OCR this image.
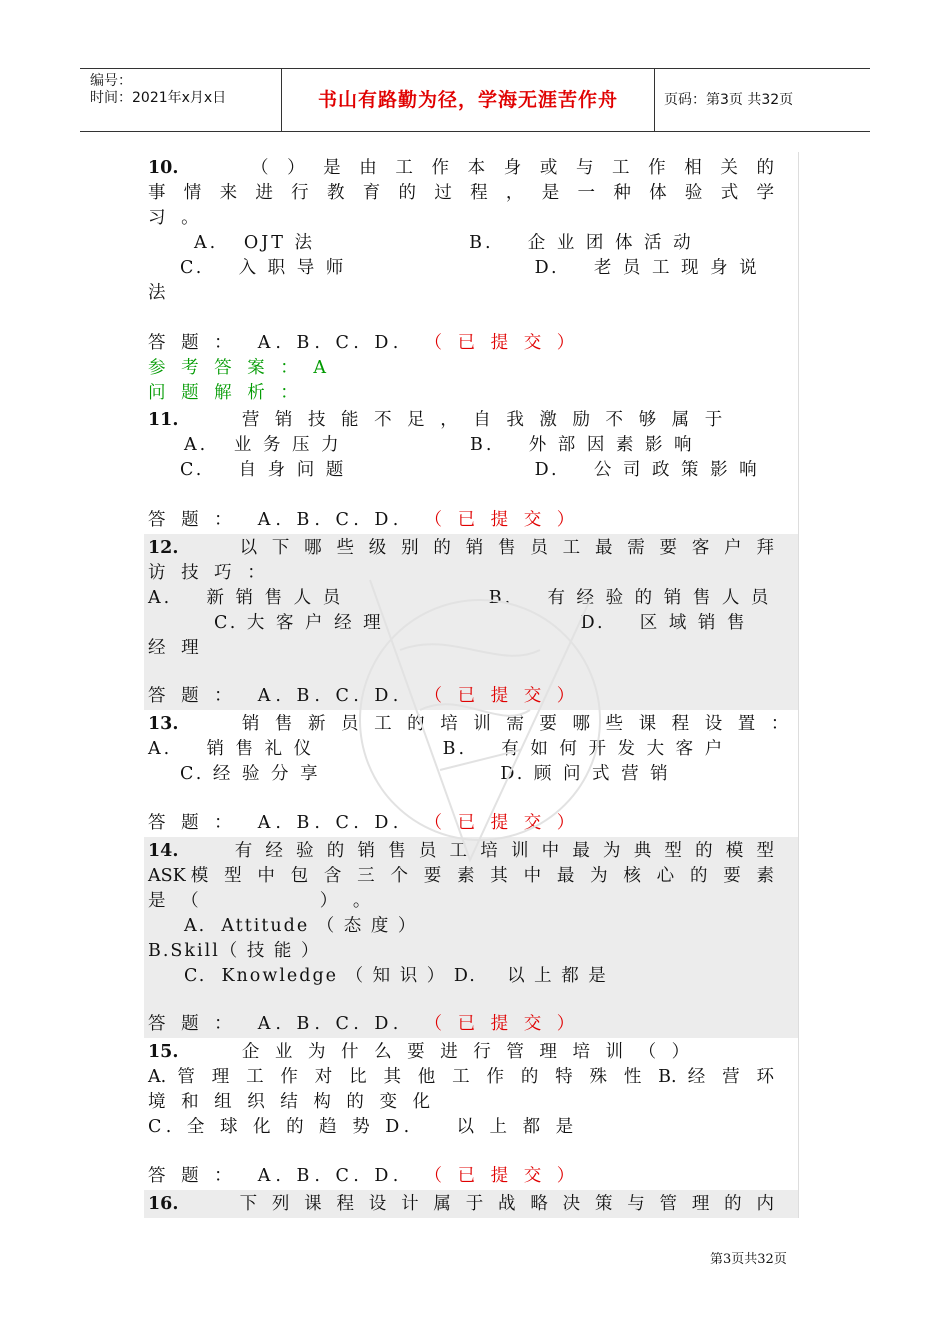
编号：
时间：2021年x月x日	书山有路勤为径，学海无涯苦作舟	页码：第3页 共32页
10.	（ ） 是 由 工 作 本 身 或 与 工 作 相 关 的
事 情 来 进 行 教 育 的 过 程 ， 是 一 种 体 验 式 学
习 。
A.   OJT 法                  B.    企 业 团 体 活 动
C.    入 职 导 师                      D.    老 员 工 现 身 说
法
答 题 ：  A. B. C. D. （ 已 提 交 ）
参 考 答 案 ： A
问 题 解 析 ：
11.	营 销 技 能 不 足 ， 自 我 激 励 不 够 属 于
A.   业 务 压 力               B.    外 部 因 素 影 响
C.    自 身 问 题                      D.    公 司 政 策 影 响
答 题 ：  A. B. C. D. （ 已 提 交 ）
12.	以 下 哪 些 级 别 的 销 售 员 工 最 需 要 客 户 拜
访 技 巧 ：
A.    新 销 售 人 员                 B.    有 经 验 的 销 售 人 员
C. 大 客 户 经 理                       D.    区 域 销 售
经 理
答 题 ：  A. B. C. D. （ 已 提 交 ）
13.	销 售 新 员 工 的 培 训 需 要 哪 些 课 程 设 置 ：
A.    销 售 礼 仪               B.    有 如 何 开 发 大 客 户
C. 经 验 分 享                     D. 顾 问 式 营 销
答 题 ：  A. B. C. D. （ 已 提 交 ）
14.	有 经 验 的 销 售 员 工 培 训 中 最 为 典 型 的 模 型
ASK模 型 中 包 含 三 个 要 素 其 中 最 为 核 心 的 要 素
是 （           ） 。
A.  Attitude （ 态 度 ）
B.Skill（ 技 能 ）
C.  Knowledge （ 知 识 ） D.    以 上 都 是
答 题 ：  A. B. C. D. （ 已 提 交 ）
15.	企 业 为 什 么 要 进 行 管 理 培 训 （ ）
A. 管 理 工 作 对 比 其 他 工 作 的 特 殊 性 B. 经 营 环
境 和 组 织 结 构 的 变 化
C. 全 球 化 的 趋 势 D.    以 上 都 是
答 题 ：  A. B. C. D. （ 已 提 交 ）
16.	下 列 课 程 设 计 属 于 战 略 决 策 与 管 理 的 内
第3页共32页
